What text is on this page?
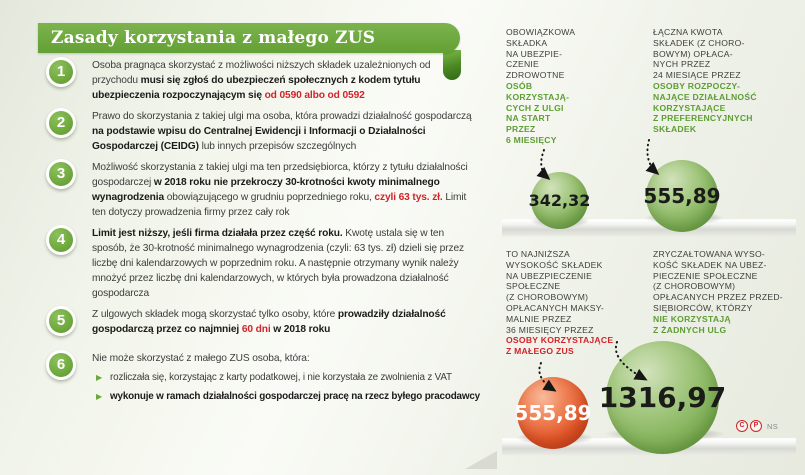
Zasady korzystania z małego ZUS
1	Osoba pragnąca skorzystać z możliwości niższych składek uzależnionych od przychodu musi się zgłoś do ubezpieczeń społecznych z kodem tytułu ubezpieczenia rozpoczynającym się od 0590 albo od 0592
2	Prawo do skorzystania z takiej ulgi ma osoba, która prowadzi działalność gospodarczą na podstawie wpisu do Centralnej Ewidencji i Informacji o Działalności Gospodarczej (CEIDG) lub innych przepisów szczególnych
3	Możliwość skorzystania z takiej ulgi ma ten przedsiębiorca, którzy z tytułu działalności gospodarczej w 2018 roku nie przekroczy 30-krotności kwoty minimalnego wynagrodzenia obowiązującego w grudniu poprzedniego roku, czyli 63 tys. zł. Limit ten dotyczy prowadzenia firmy przez cały rok
4	Limit jest niższy, jeśli firma działała przez część roku. Kwotę ustala się w ten sposób, że 30-krotność minimalnego wynagrodzenia (czyli: 63 tys. zł) dzieli się przez liczbę dni kalendarzowych w poprzednim roku. A następnie otrzymany wynik należy mnożyć przez liczbę dni kalendarzowych, w których była prowadzona działalność gospodarcza
5	Z ulgowych składek mogą skorzystać tylko osoby, które prowadziły działalność gospodarczą przez co najmniej 60 dni w 2018 roku
6	Nie może skorzystać z małego ZUS osoba, która:
▶ rozliczała się, korzystając z karty podatkowej, i nie korzystała ze zwolnienia z VAT
▶ wykonuje w ramach działalności gospodarczej pracę na rzecz byłego pracodawcy
OBOWIĄZKOWA
SKŁADKA
NA UBEZPIE-
CZENIE
ZDROWOTNE
OSÓB
KORZYSTAJĄ-
CYCH Z ULGI
NA START
PRZEZ
6 MIESIĘCY
ŁĄCZNA KWOTA
SKŁADEK (Z CHORO-
BOWYM) OPŁACA-
NYCH PRZEZ
24 MIESIĄCE PRZEZ
OSOBY ROZPOCZY-
NAJĄCE DZIAŁALNOŚĆ
KORZYSTAJĄCE
Z PREFERENCYJNYCH
SKŁADEK
TO NAJNIŻSZA
WYSOKOŚĆ SKŁADEK
NA UBEZPIECZENIE
SPOŁECZNE
(Z CHOROBOWYM)
OPŁACANYCH MAKSY-
MALNIE PRZEZ
36 MIESIĘCY PRZEZ
OSOBY KORZYSTAJĄCE
Z MAŁEGO ZUS
ZRYCZAŁTOWANA WYSO-
KOŚĆ SKŁADEK NA UBEZ-
PIECZENIE SPOŁECZNE
(Z CHOROBOWYM)
OPŁACANYCH PRZEZ PRZED-
SIĘBIORCÓW, KTÓRZY
NIE KORZYSTAJĄ
Z ŻADNYCH ULG
342,32	555,89
555,89 1316,97
C	P	NS
